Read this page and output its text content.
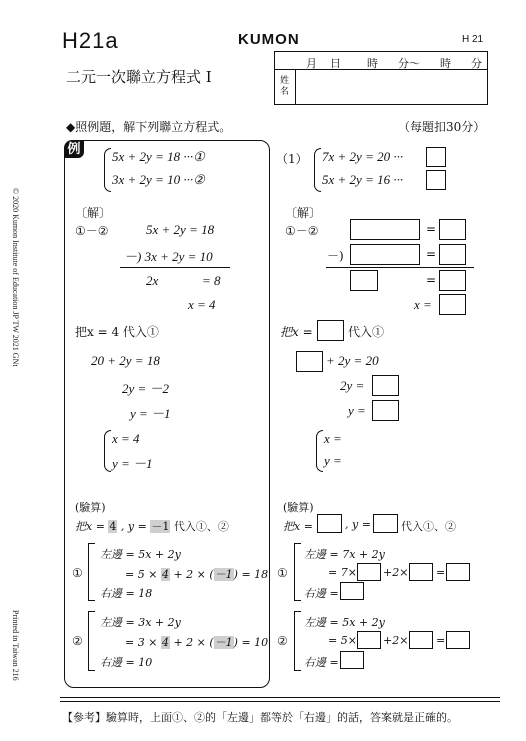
H21a	KUMON	H 21
月 日 時 分～ 時 分
姓名
二元一次聯立方程式 Ⅰ
◆照例題，解下列聯立方程式。	（每題扣30分）
© 2020 Kumon Institute of Education JP TW 2021 GNt
Printed in Taiwan 216
例
5x + 2y = 18 ···①
3x + 2y = 10 ···②
〔解〕
①－②	5x + 2y = 18
－) 3x + 2y = 10
2x	= 8
x = 4
把x = 4 代入①
20 + 2y = 18
2y = －2
y = －1
x = 4
y = －1
(驗算)
把x = 4 , y = －1 代入①、②
①
左邊 = 5x + 2y
= 5 × 4 + 2 × (－1) = 18
右邊 = 18
②
左邊 = 3x + 2y
= 3 × 4 + 2 × (－1) = 10
右邊 = 10
（1） 7x + 2y = 20 ···
5x + 2y = 16 ···
〔解〕
①－②	=
－)	=
=
x =
把x =	代入①
+ 2y = 20
2y =
y =
x =
y =
(驗算)
把x =	, y =	代入①、②
①
左邊 = 7x + 2y
= 7× +2×	=
右邊 =
②
左邊 = 5x + 2y
= 5× +2×	=
右邊 =
【參考】驗算時，上面①、②的「左邊」都等於「右邊」的話，答案就是正確的。
